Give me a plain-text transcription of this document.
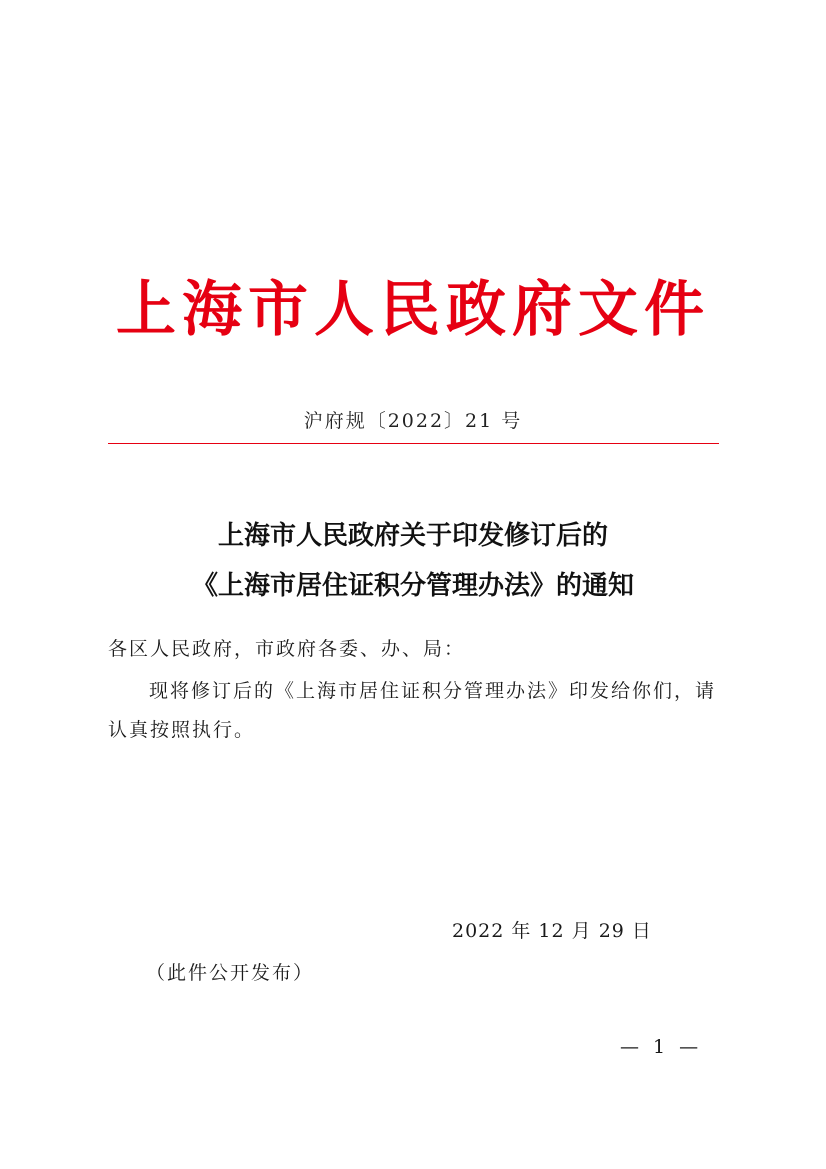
上海市人民政府文件
沪府规〔2022〕21 号
上海市人民政府关于印发修订后的
《上海市居住证积分管理办法》的通知
各区人民政府，市政府各委、办、局：
现将修订后的《上海市居住证积分管理办法》印发给你们，请
认真按照执行。
2022 年 12 月 29 日
（此件公开发布）
— 1 —
